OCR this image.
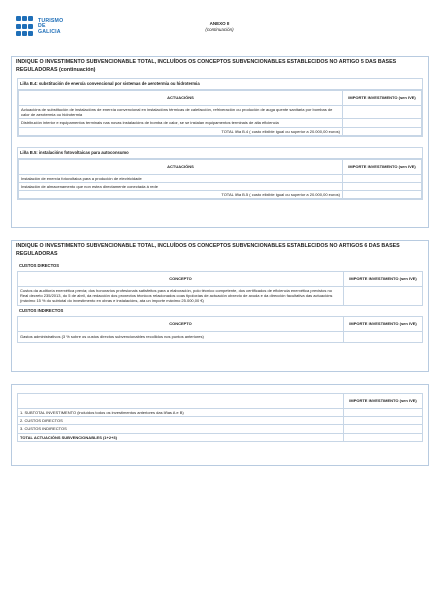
TURISMO
DE
GALICIA
ANEXO II
(continuación)
INDIQUE O INVESTIMENTO SUBVENCIONABLE TOTAL, INCLUÍDOS OS CONCEPTOS SUBVENCIONABLES ESTABLECIDOS NO ARTIGO 5 DAS BASES REGULADORAS (continuación)
Liña B.4: substitución de enerxía convencional por sistemas de aerotermia ou hidrotermia
ACTUACIÓNS	IMPORTE INVESTIMENTO (sen IVE)
Actuacións de substitución de instalacións de enerxía convencional en instalacións térmicas de calefacción, refrixeración ou produción de auga quente sanitaria por bombas de calor de aerotermia ou hidrotermia	
Distribución interior e equipamentos terminais nas novas instalacións de bomba de calor, se se instalan equipamentos terminais de alta eficiencia	
TOTAL liña B.4 ( custo elixible igual ou superior a 20.000,00 euros)	
Liña B.5: instalacións fotovoltaicas para autoconsumo
ACTUACIÓNS	IMPORTE INVESTIMENTO (sen IVE)
Instalación de enerxía fotovoltaica para a produción de electricidade	
Instalación de almacenamento que non estea directamente conectada á rede	
TOTAL liña B.5 ( custo elixible igual ou superior a 20.000,00 euros)	
INDIQUE O INVESTIMENTO SUBVENCIONABLE TOTAL, INCLUÍDOS OS CONCEPTOS SUBVENCIONABLES ESTABLECIDOS NO ARTIGOS 6 DAS BASES REGULADORAS
CUSTOS DIRECTOS
CONCEPTO	IMPORTE INVESTIMENTO (sen IVE)
Custos da auditoría enerxética previa; dos honorarios profesionais satisfeitos para a elaboración, polo técnico competente, dos certificados de eficiencia enerxética previstos no Real decreto 235/2013, do 5 de abril, da redacción dos proxectos técnicos relacionados coas tipoloxías de actuación obxecto de axuda e da dirección facultativa das actuacións (máximo 15 % do subtotal do investimento en obras e instalacións, ata un importe máximo 25.000,00 €)	
CUSTOS INDIRECTOS
CONCEPTO	IMPORTE INVESTIMENTO (sen IVE)
Gastos administrativos (3 % sobre os custos directos subvencionables recollidos nos puntos anteriores)	
	IMPORTE INVESTIMENTO (sen IVE)
1. SUBTOTAL INVESTIMENTO (incluídos todos os investimentos anteriores das liñas A e B)	
2. CUSTOS DIRECTOS	
3. CUSTOS INDIRECTOS	
TOTAL ACTUACIÓNS SUBVENCIONABLES (1+2+3)	
